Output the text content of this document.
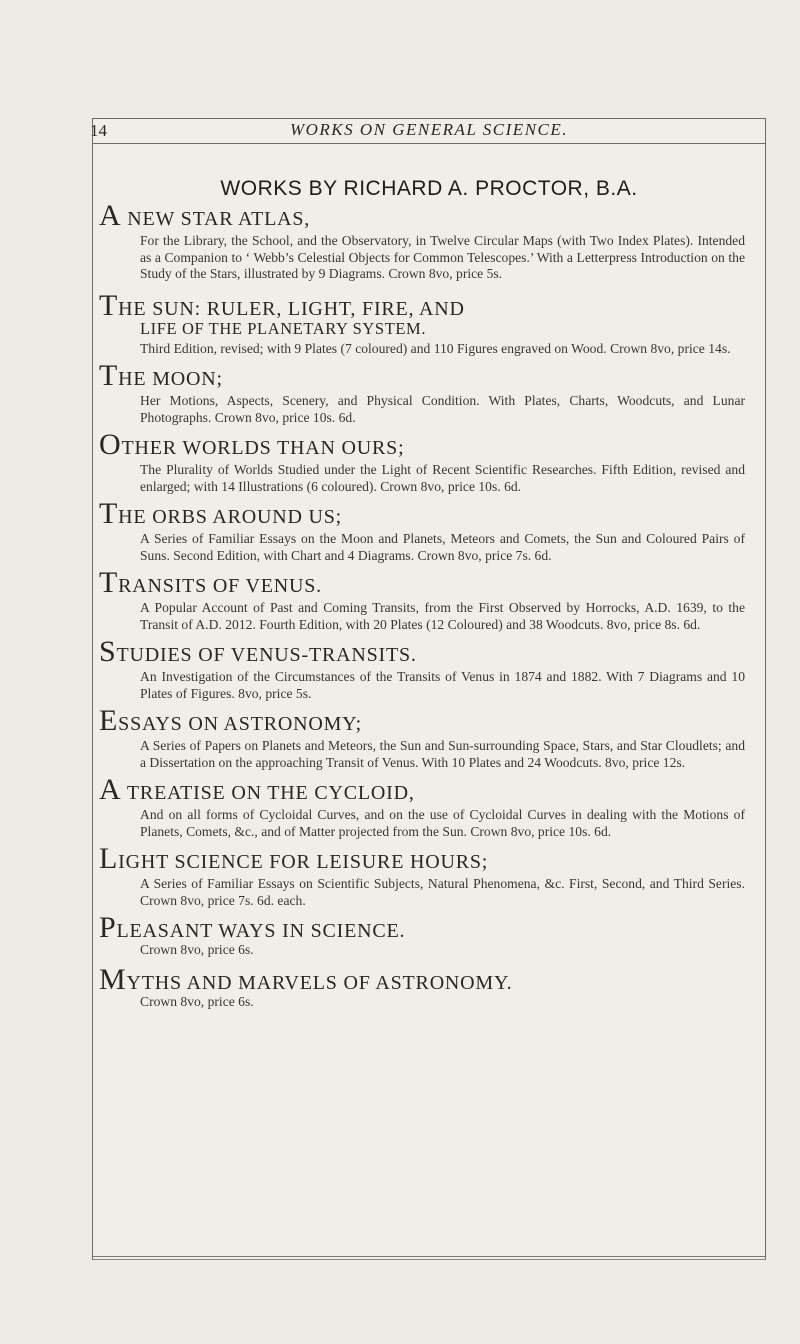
14	WORKS ON GENERAL SCIENCE.
WORKS BY RICHARD A. PROCTOR, B.A.
A NEW STAR ATLAS,
For the Library, the School, and the Observatory, in Twelve Circular Maps (with Two Index Plates). Intended as a Companion to ‘ Webb’s Celestial Objects for Common Telescopes.’ With a Letterpress Introduction on the Study of the Stars, illustrated by 9 Diagrams. Crown 8vo, price 5s.
THE SUN: RULER, LIGHT, FIRE, AND
LIFE OF THE PLANETARY SYSTEM.
Third Edition, revised; with 9 Plates (7 coloured) and 110 Figures engraved on Wood. Crown 8vo, price 14s.
THE MOON;
Her Motions, Aspects, Scenery, and Physical Condition. With Plates, Charts, Woodcuts, and Lunar Photographs. Crown 8vo, price 10s. 6d.
OTHER WORLDS THAN OURS;
The Plurality of Worlds Studied under the Light of Recent Scientific Researches. Fifth Edition, revised and enlarged; with 14 Illustrations (6 coloured). Crown 8vo, price 10s. 6d.
THE ORBS AROUND US;
A Series of Familiar Essays on the Moon and Planets, Meteors and Comets, the Sun and Coloured Pairs of Suns. Second Edition, with Chart and 4 Diagrams. Crown 8vo, price 7s. 6d.
TRANSITS OF VENUS.
A Popular Account of Past and Coming Transits, from the First Observed by Horrocks, A.D. 1639, to the Transit of A.D. 2012. Fourth Edition, with 20 Plates (12 Coloured) and 38 Woodcuts. 8vo, price 8s. 6d.
STUDIES OF VENUS-TRANSITS.
An Investigation of the Circumstances of the Transits of Venus in 1874 and 1882. With 7 Diagrams and 10 Plates of Figures. 8vo, price 5s.
ESSAYS ON ASTRONOMY;
A Series of Papers on Planets and Meteors, the Sun and Sun-surrounding Space, Stars, and Star Cloudlets; and a Dissertation on the approaching Transit of Venus. With 10 Plates and 24 Woodcuts. 8vo, price 12s.
A TREATISE ON THE CYCLOID,
And on all forms of Cycloidal Curves, and on the use of Cycloidal Curves in dealing with the Motions of Planets, Comets, &c., and of Matter projected from the Sun. Crown 8vo, price 10s. 6d.
LIGHT SCIENCE FOR LEISURE HOURS;
A Series of Familiar Essays on Scientific Subjects, Natural Phenomena, &c. First, Second, and Third Series. Crown 8vo, price 7s. 6d. each.
PLEASANT WAYS IN SCIENCE.
Crown 8vo, price 6s.
MYTHS AND MARVELS OF ASTRONOMY.
Crown 8vo, price 6s.
